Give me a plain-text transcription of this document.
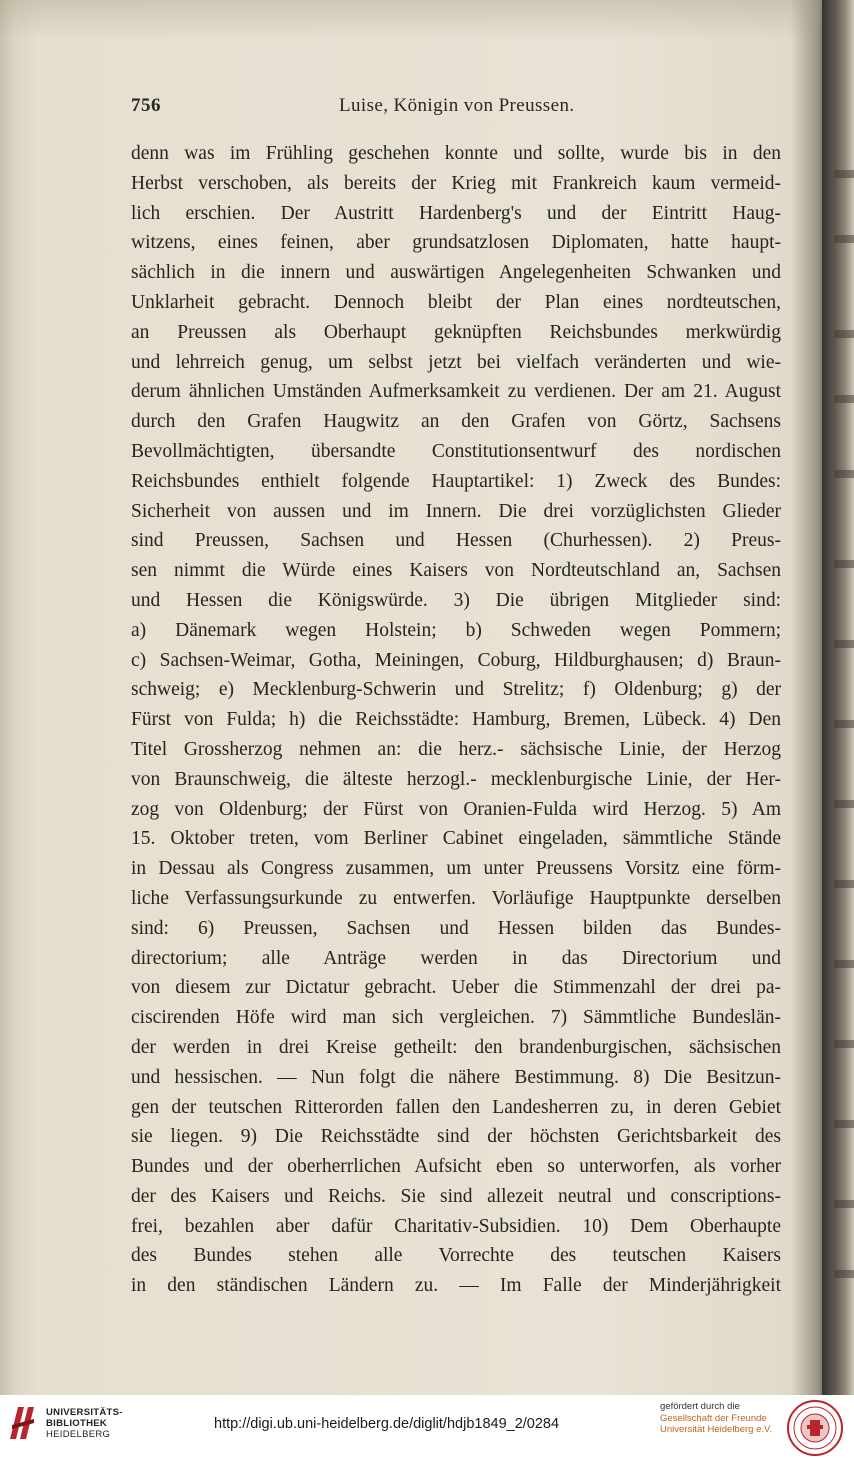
756	Luise, Königin von Preussen.
denn was im Frühling geschehen konnte und sollte, wurde bis in den
Herbst verschoben, als bereits der Krieg mit Frankreich kaum vermeid-
lich erschien. Der Austritt Hardenberg's und der Eintritt Haug-
witzens, eines feinen, aber grundsatzlosen Diplomaten, hatte haupt-
sächlich in die innern und auswärtigen Angelegenheiten Schwanken und
Unklarheit gebracht. Dennoch bleibt der Plan eines nordteutschen,
an Preussen als Oberhaupt geknüpften Reichsbundes merkwürdig
und lehrreich genug, um selbst jetzt bei vielfach veränderten und wie-
derum ähnlichen Umständen Aufmerksamkeit zu verdienen. Der am 21. August
durch den Grafen Haugwitz an den Grafen von Görtz, Sachsens
Bevollmächtigten, übersandte Constitutionsentwurf des nordischen
Reichsbundes enthielt folgende Hauptartikel: 1) Zweck des Bundes:
Sicherheit von aussen und im Innern. Die drei vorzüglichsten Glieder
sind Preussen, Sachsen und Hessen (Churhessen). 2) Preus-
sen nimmt die Würde eines Kaisers von Nordteutschland an, Sachsen
und Hessen die Königswürde. 3) Die übrigen Mitglieder sind:
a) Dänemark wegen Holstein; b) Schweden wegen Pommern;
c) Sachsen-Weimar, Gotha, Meiningen, Coburg, Hildburghausen; d) Braun-
schweig; e) Mecklenburg-Schwerin und Strelitz; f) Oldenburg; g) der
Fürst von Fulda; h) die Reichsstädte: Hamburg, Bremen, Lübeck. 4) Den
Titel Grossherzog nehmen an: die herz.- sächsische Linie, der Herzog
von Braunschweig, die älteste herzogl.- mecklenburgische Linie, der Her-
zog von Oldenburg; der Fürst von Oranien-Fulda wird Herzog. 5) Am
15. Oktober treten, vom Berliner Cabinet eingeladen, sämmtliche Stände
in Dessau als Congress zusammen, um unter Preussens Vorsitz eine förm-
liche Verfassungsurkunde zu entwerfen. Vorläufige Hauptpunkte derselben
sind: 6) Preussen, Sachsen und Hessen bilden das Bundes-
directorium; alle Anträge werden in das Directorium und
von diesem zur Dictatur gebracht. Ueber die Stimmenzahl der drei pa-
ciscirenden Höfe wird man sich vergleichen. 7) Sämmtliche Bundeslän-
der werden in drei Kreise getheilt: den brandenburgischen, sächsischen
und hessischen. — Nun folgt die nähere Bestimmung. 8) Die Besitzun-
gen der teutschen Ritterorden fallen den Landesherren zu, in deren Gebiet
sie liegen. 9) Die Reichsstädte sind der höchsten Gerichtsbarkeit des
Bundes und der oberherrlichen Aufsicht eben so unterworfen, als vorher
der des Kaisers und Reichs. Sie sind allezeit neutral und conscriptions-
frei, bezahlen aber dafür Charitativ-Subsidien. 10) Dem Oberhaupte
des Bundes stehen alle Vorrechte des teutschen Kaisers
in den ständischen Ländern zu. — Im Falle der Minderjährigkeit
UNIVERSITÄTS-
BIBLIOTHEK
HEIDELBERG
http://digi.ub.uni-heidelberg.de/diglit/hdjb1849_2/0284
gefördert durch die
Gesellschaft der Freunde
Universität Heidelberg e.V.
